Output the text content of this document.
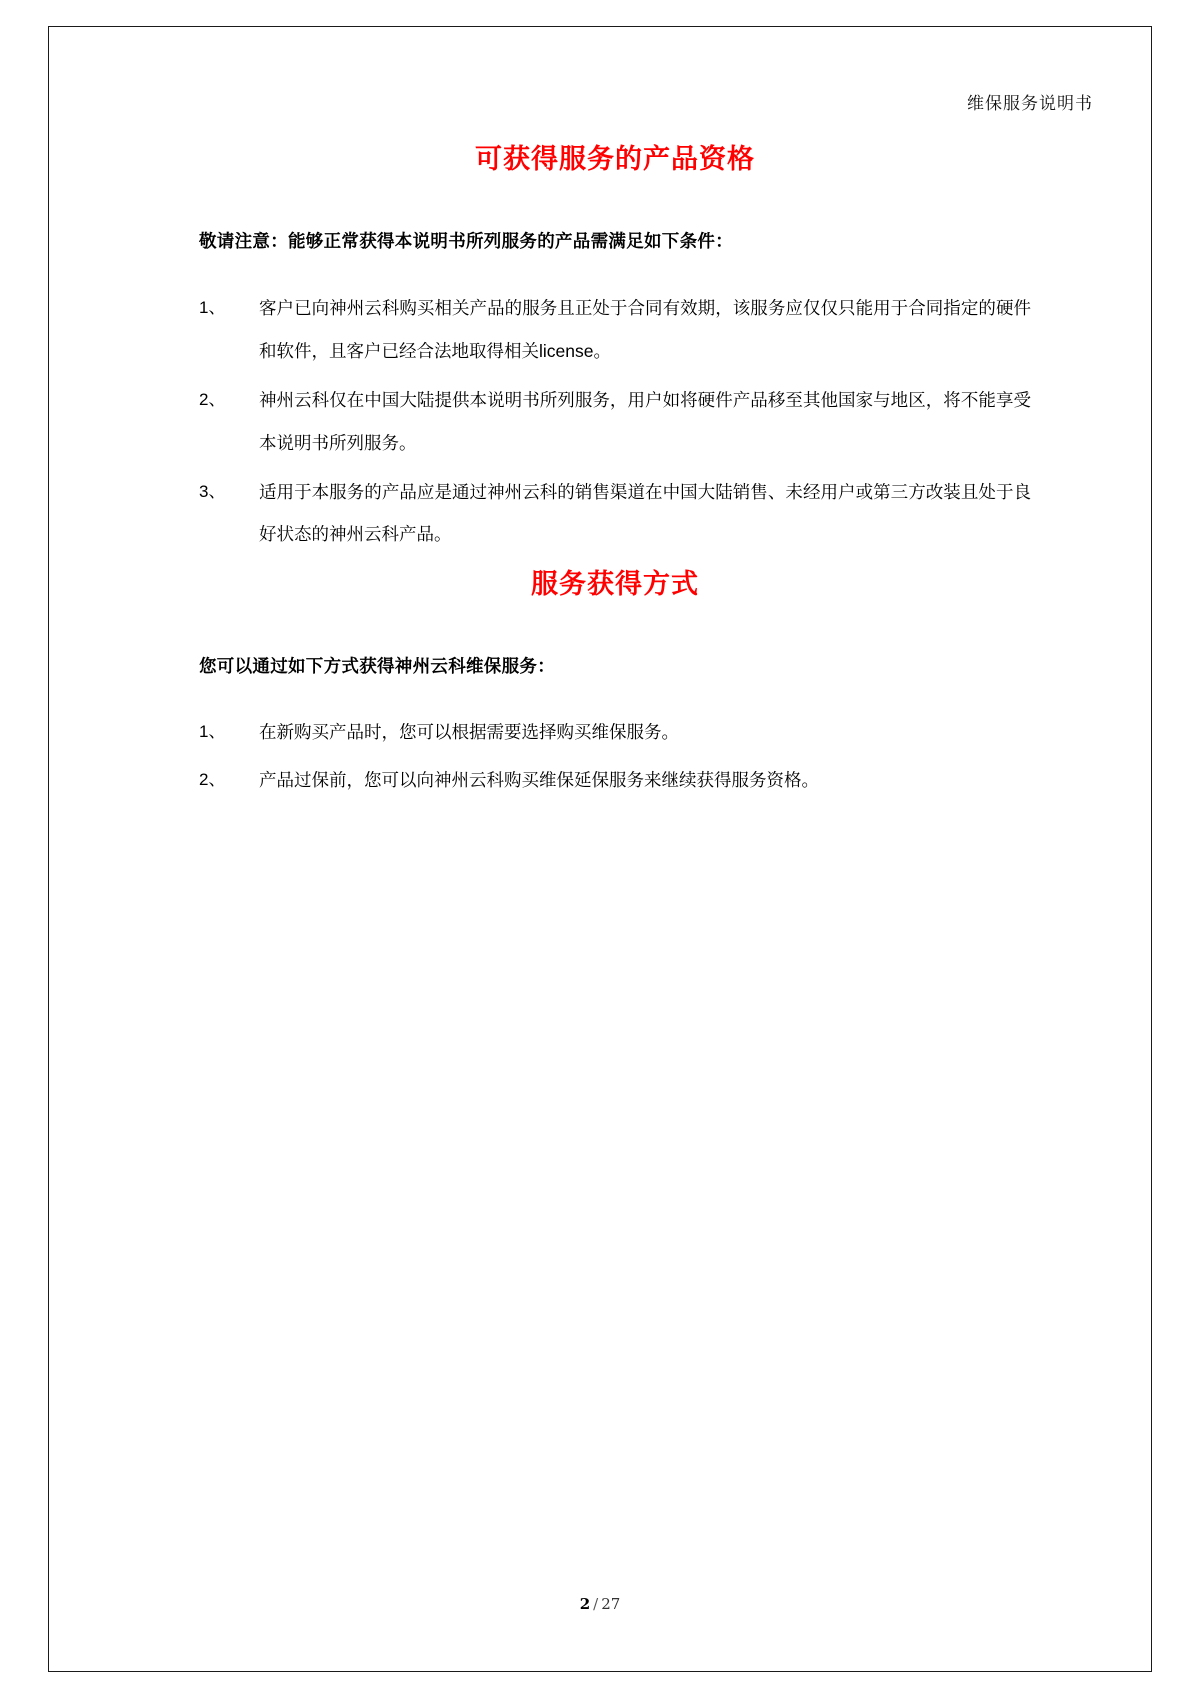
维保服务说明书
可获得服务的产品资格
敬请注意：能够正常获得本说明书所列服务的产品需满足如下条件：
1、	客户已向神州云科购买相关产品的服务且正处于合同有效期，该服务应仅仅只能用于合同指定的硬件和软件，且客户已经合法地取得相关license。
2、	神州云科仅在中国大陆提供本说明书所列服务，用户如将硬件产品移至其他国家与地区，将不能享受本说明书所列服务。
3、	适用于本服务的产品应是通过神州云科的销售渠道在中国大陆销售、未经用户或第三方改装且处于良好状态的神州云科产品。
服务获得方式
您可以通过如下方式获得神州云科维保服务：
1、	在新购买产品时，您可以根据需要选择购买维保服务。
2、	产品过保前，您可以向神州云科购买维保延保服务来继续获得服务资格。
2 / 27
